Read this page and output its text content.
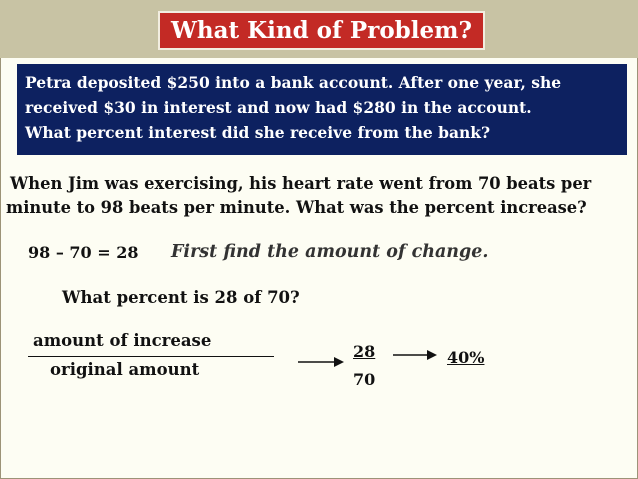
What Kind of Problem?
Petra deposited $250 into a bank account. After one year, she
received $30 in interest and now had $280 in the account.
What percent interest did she receive from the bank?
When Jim was exercising, his heart rate went from 70 beats per
minute to 98 beats per minute. What was the percent increase?
98 – 70 = 28 First find the amount of change.
What percent is 28 of 70?
amount of increase
original amount
28
70
40%
